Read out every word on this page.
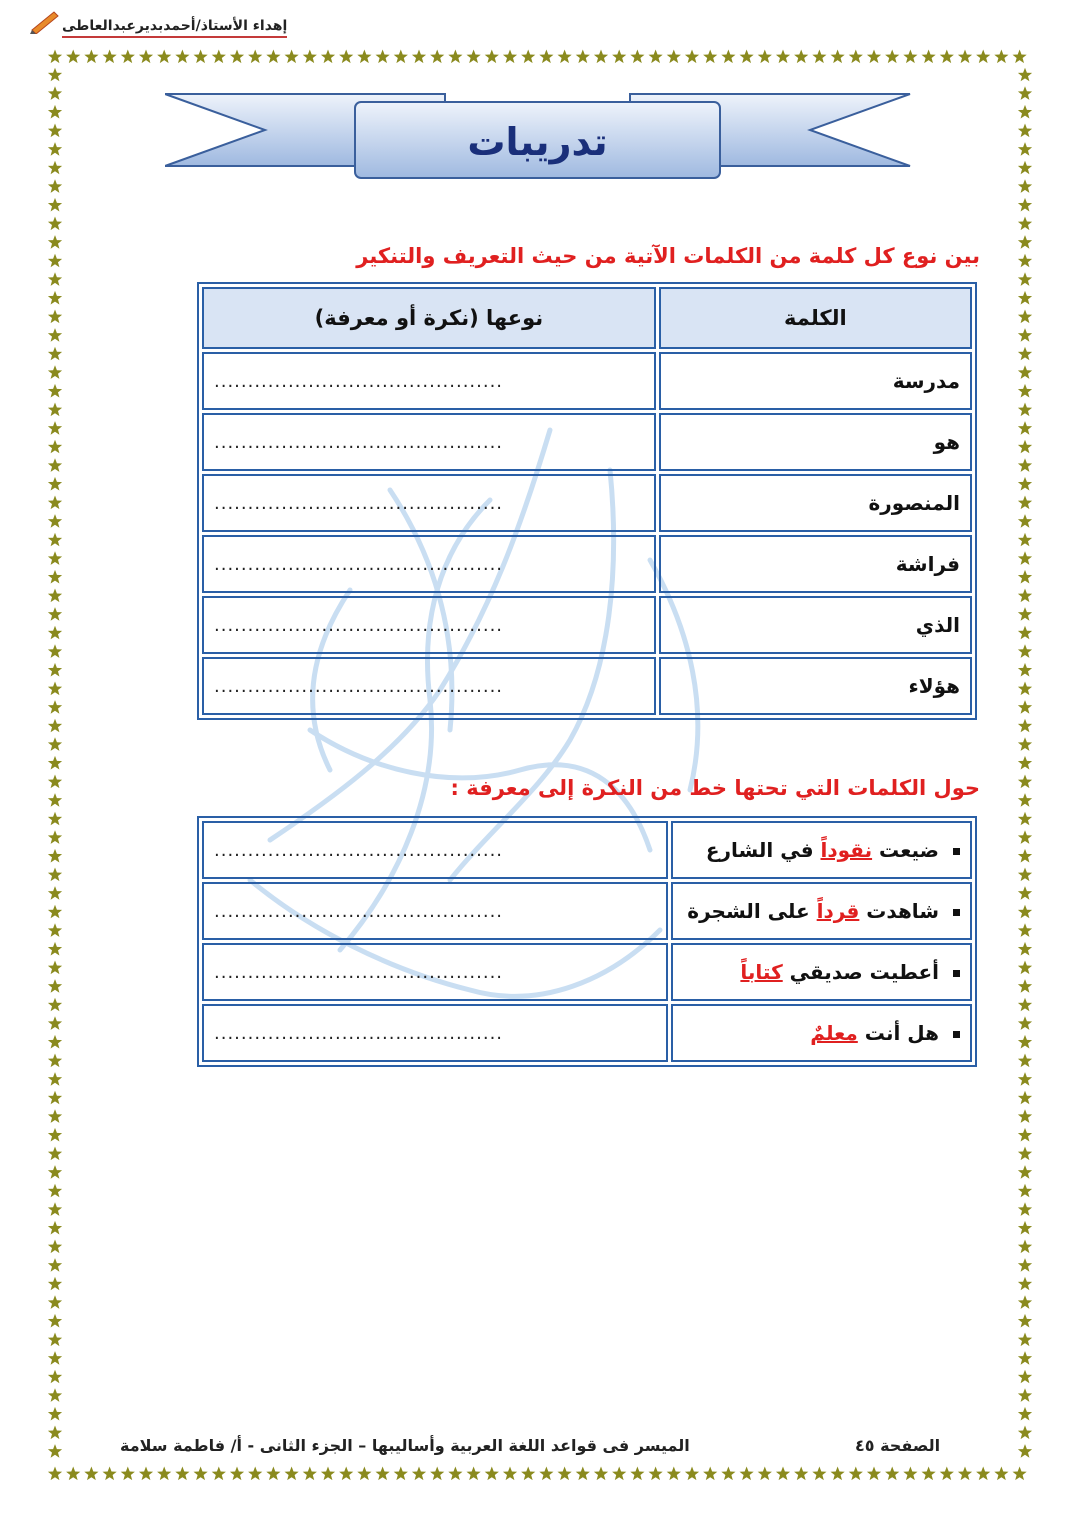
إهداء الأستاذ/أحمدبديرعبدالعاطى
تدريبات
بين نوع كل كلمة من الكلمات الآتية من حيث التعريف والتنكير
الكلمة	نوعها (نكرة أو معرفة)
مدرسة	...........................................
هو	...........................................
المنصورة	...........................................
فراشة	...........................................
الذي	...........................................
هؤلاء	...........................................
حول الكلمات التي تحتها خط من النكرة إلى معرفة :
ضيعت نقوداً في الشارع	...........................................
شاهدت قرداً على الشجرة	...........................................
أعطيت صديقي كتاباً	...........................................
هل أنت معلمٌ	...........................................
الميسر فى قواعد اللغة العربية وأساليبها – الجزء الثانى - أ/ فاطمة سلامة	الصفحة ٤٥
